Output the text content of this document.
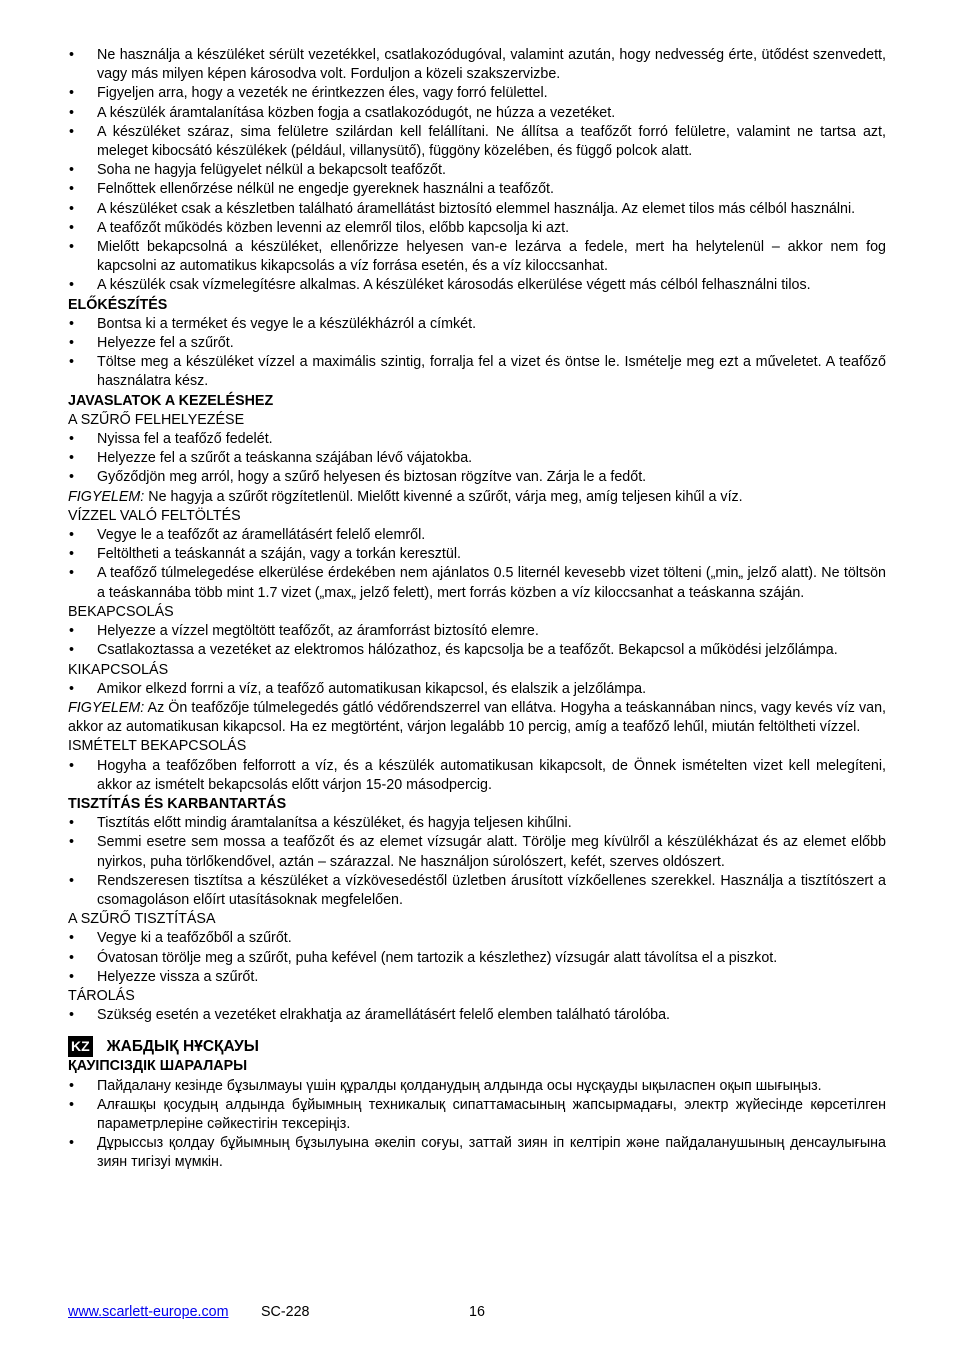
• Ne használja a készüléket sérült vezetékkel, csatlakozódugóval, valamint azután, hogy nedvesség érte, ütődést szenvedett, vagy más milyen képen károsodva volt. Forduljon a közeli szakszervizbe.
• Figyeljen arra, hogy a vezeték ne érintkezzen éles, vagy forró felülettel.
• A készülék áramtalanítása közben fogja a csatlakozódugót, ne húzza a vezetéket.
• A készüléket száraz, sima felületre szilárdan kell felállítani. Ne állítsa a teafőzőt forró felületre, valamint ne tartsa azt, meleget kibocsátó készülékek (például, villanysütő), függöny közelében, és függő polcok alatt.
• Soha ne hagyja felügyelet nélkül a bekapcsolt teafőzőt.
• Felnőttek ellenőrzése nélkül ne engedje gyereknek használni a teafőzőt.
• A készüléket csak a készletben található áramellátást biztosító elemmel használja. Az elemet tilos más célból használni.
• A teafőzőt működés közben levenni az elemről tilos, előbb kapcsolja ki azt.
• Mielőtt bekapcsolná a készüléket, ellenőrizze helyesen van-e lezárva a fedele, mert ha helytelenül – akkor nem fog kapcsolni az automatikus kikapcsolás a víz forrása esetén, és a víz kiloccsanhat.
• A készülék csak vízmelegítésre alkalmas. A készüléket károsodás elkerülése végett más célból felhasználni tilos.

ELŐKÉSZÍTÉS

• Bontsa ki a terméket és vegye le a készülékházról a címkét.
• Helyezze fel a szűrőt.
• Töltse meg a készüléket vízzel a maximális szintig, forralja fel a vizet és öntse le. Ismételje meg ezt a műveletet. A teafőző használatra kész.

JAVASLATOK A KEZELÉSHEZ

A SZŰRŐ FELHELYEZÉSE

• Nyissa fel a teafőző fedelét.
• Helyezze fel a szűrőt a teáskanna szájában lévő vájatokba.
• Győződjön meg arról, hogy a szűrő helyesen és biztosan rögzítve van. Zárja le a fedőt.

FIGYELEM: Ne hagyja a szűrőt rögzítetlenül. Mielőtt kivenné a szűrőt, várja meg, amíg teljesen kihűl a víz.

VÍZZEL VALÓ FELTÖLTÉS

• Vegye le a teafőzőt az áramellátásért felelő elemről.
• Feltöltheti a teáskannát a száján, vagy a torkán keresztül.
• A teafőző túlmelegedése elkerülése érdekében nem ajánlatos 0.5 liternél kevesebb vizet tölteni („min„ jelző alatt). Ne töltsön a teáskannába több mint 1.7 vizet („max„ jelző felett), mert forrás közben a víz kiloccsanhat a teáskanna száján.

BEKAPCSOLÁS

• Helyezze a vízzel megtöltött teafőzőt, az áramforrást biztosító elemre.
• Csatlakoztassa a vezetéket az elektromos hálózathoz, és kapcsolja be a teafőzőt. Bekapcsol a működési jelzőlámpa.

KIKAPCSOLÁS

• Amikor elkezd forrni a víz, a teafőző automatikusan kikapcsol, és elalszik a jelzőlámpa.

FIGYELEM: Az Ön teafőzője túlmelegedés gátló védőrendszerrel van ellátva. Hogyha a teáskannában nincs, vagy kevés víz van, akkor az automatikusan kikapcsol. Ha ez megtörtént, várjon legalább 10 percig, amíg a teafőző lehűl, miután feltöltheti vízzel.

ISMÉTELT BEKAPCSOLÁS

• Hogyha a teafőzőben felforrott a víz, és a készülék automatikusan kikapcsolt, de Önnek ismételten vizet kell melegíteni, akkor az ismételt bekapcsolás előtt várjon 15-20 másodpercig.

TISZTÍTÁS ÉS KARBANTARTÁS

• Tisztítás előtt mindig áramtalanítsa a készüléket, és hagyja teljesen kihűlni.
• Semmi esetre sem mossa a teafőzőt és az elemet vízsugár alatt. Törölje meg kívülről a készülékházat és az elemet előbb nyirkos, puha törlőkendővel, aztán – szárazzal. Ne használjon súrolószert, kefét, szerves oldószert.
• Rendszeresen tisztítsa a készüléket a vízkövesedéstől üzletben árusított vízkőellenes szerekkel. Használja a tisztítószert a csomagoláson előírt utasításoknak megfelelően.

A SZŰRŐ TISZTÍTÁSA

• Vegye ki a teafőzőből a szűrőt.
• Óvatosan törölje meg a szűrőt, puha kefével (nem tartozik a készlethez) vízsugár alatt távolítsa el a piszkot.
• Helyezze vissza a szűrőt.

TÁROLÁS

• Szükség esetén a vezetéket elrakhatja az áramellátásért felelő elemben található tárolóba.
KZ ЖАБДЫҚ НҰСҚАУЫ

ҚАУІПСІЗДІК ШАРАЛАРЫ

• Пайдалану кезінде бұзылмауы үшін құралды қолданудың алдында осы нұсқауды ықыласпен оқып шығыңыз.
• Алғашқы қосудың алдында бұйымның техникалық сипаттамасының жапсырмадағы, электр жүйесінде көрсетілген параметрлеріне сәйкестігін тексеріңіз.
• Дұрыссыз қолдау бұйымның бұзылуына әкеліп соғуы, заттай зиян іп келтіріп және пайдаланушының денсаулығына зиян тигізуі мүмкін.
www.scarlett-europe.com SC-228	16
